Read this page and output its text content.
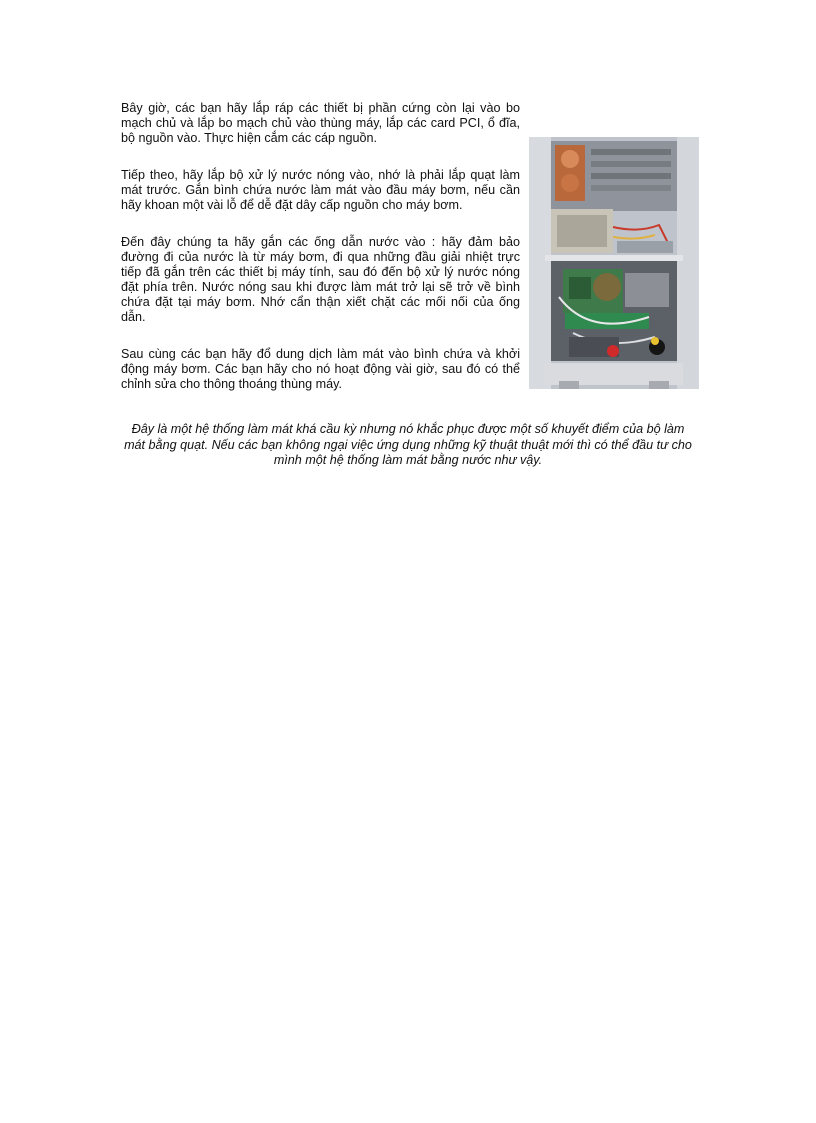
Bây giờ, các bạn hãy lắp ráp các thiết bị phần cứng còn lại vào bo mạch chủ và lắp bo mạch chủ vào thùng máy, lắp các card PCI, ổ đĩa, bộ nguồn vào. Thực hiện cắm các cáp nguồn.

Tiếp theo, hãy lắp bộ xử lý nước nóng vào, nhớ là phải lắp quạt làm mát trước. Gắn bình chứa nước làm mát vào đầu máy bơm, nếu cần hãy khoan một vài lỗ để dễ đặt dây cấp nguồn cho máy bơm.

Đến đây chúng ta hãy gắn các ống dẫn nước vào : hãy đảm bảo đường đi của nước là từ máy bơm, đi qua những đầu giải nhiệt trực tiếp đã gắn trên các thiết bị máy tính, sau đó đến bộ xử lý nước nóng đặt phía trên. Nước nóng sau khi được làm mát trở lại sẽ trở về bình chứa đặt tại máy bơm. Nhớ cẩn thận xiết chặt các mối nối của ống dẫn.

Sau cùng các bạn hãy đổ dung dịch làm mát vào bình chứa và khởi động máy bơm. Các bạn hãy cho nó hoạt động vài giờ, sau đó có thể chỉnh sửa cho thông thoáng thùng máy.

Đây là một hệ thống làm mát khá cầu kỳ nhưng nó khắc phục được một số khuyết điểm của bộ làm mát bằng quạt. Nếu các bạn không ngại việc ứng dụng những kỹ thuật thuật mới thì có thể đầu tư cho mình một hệ thống làm mát bằng nước như vậy.
